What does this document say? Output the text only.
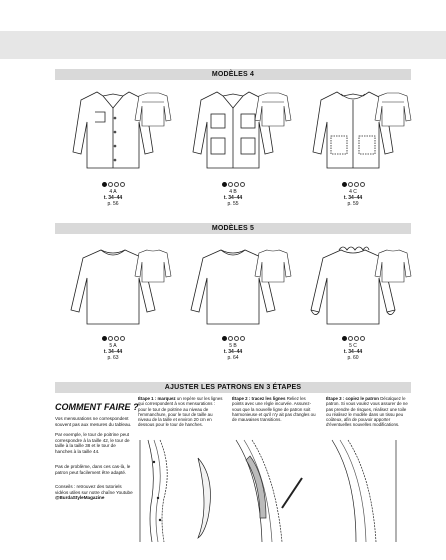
MODÈLES 4
4 A
t. 34–44
p. 56
4 B
t. 34–44
p. 55
4 C
t. 34–44
p. 59
MODÈLES 5
5 A
t. 34–44
p. 63
5 B
t. 34–44
p. 64
5 C
t. 34–44
p. 60
AJUSTER LES PATRONS EN 3 ÉTAPES
COMMENT FAIRE ?
Vos mensurations ne correspondent souvent pas aux mesures du tableau.
Par exemple, le tour de poitrine peut correspondre à la taille 42, le tour de taille à la taille 38 et le tour de hanches à la taille 44.
Pas de problème, dans ces cas-là, le patron peut facilement être adapté.
Conseils : retrouvez des tutoriels vidéos utiles sur notre chaîne Youtube @BurdaStyleMagazine
Étape 1 : marquez un repère sur les lignes qui correspondent à vos mensurations : pour le tour de poitrine au niveau de l'emmanchure, pour le tour de taille au niveau de la taille et environ 20 cm en dessous pour le tour de hanches.
Étape 2 : tracez les lignes Reliez les points avec une règle incurvée. Assurez-vous que la nouvelle ligne de patron soit harmonieuse et qu'il n'y ait pas d'angles ou de mauvaises transitions.
Étape 3 : copiez le patron Décalquez le patron. Si vous voulez vous assurer de ne pas prendre de risques, réalisez une toile ou réalisez le modèle dans un tissu peu coûteux, afin de pouvoir apporter d'éventuelles nouvelles modifications.
